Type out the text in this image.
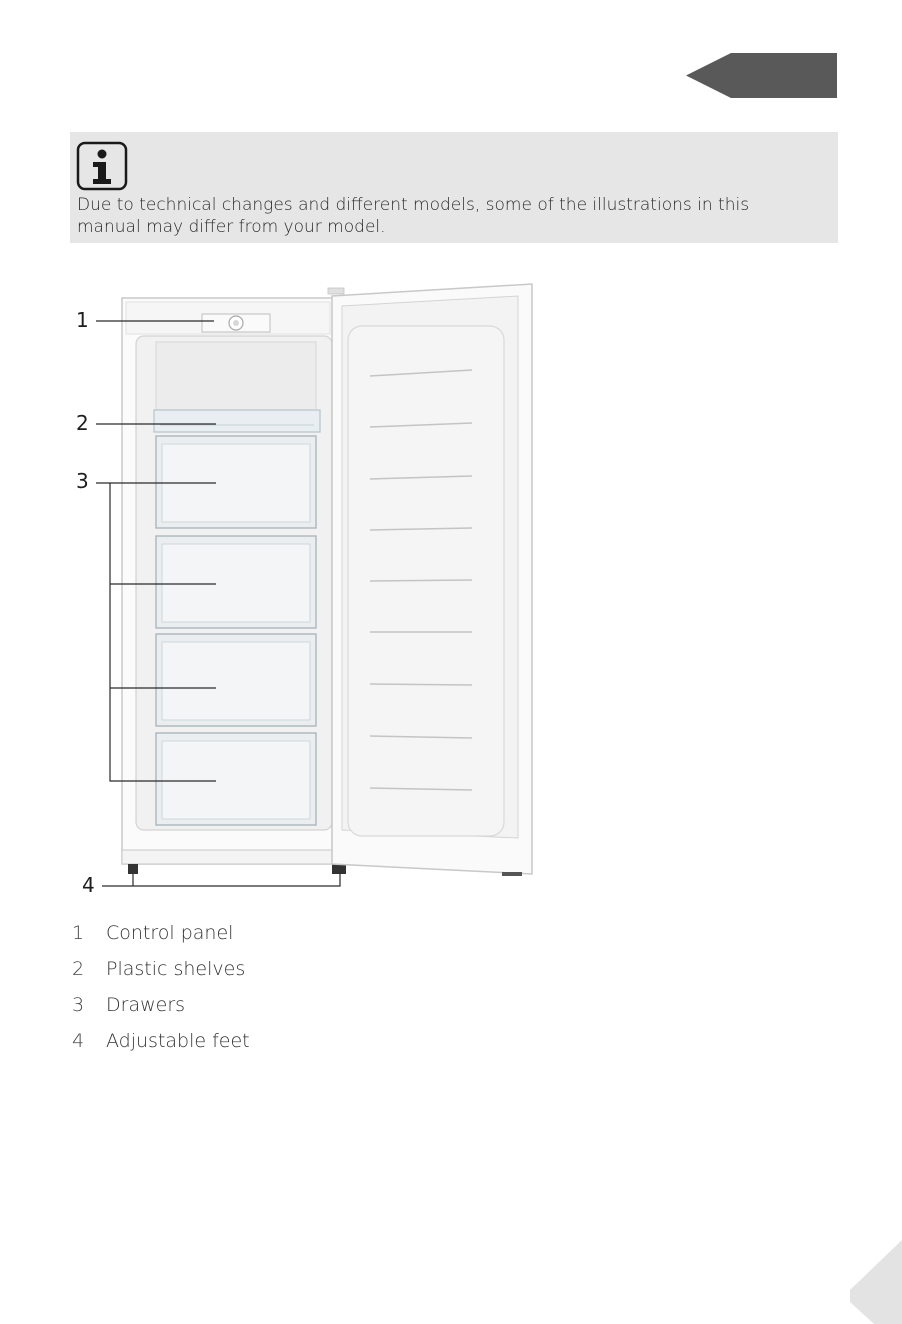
Due to technical changes and different models, some of the illustrations in this manual may differ from your model.
1
2
3
4
1	Control panel
2	Plastic shelves
3	Drawers
4	Adjustable feet
